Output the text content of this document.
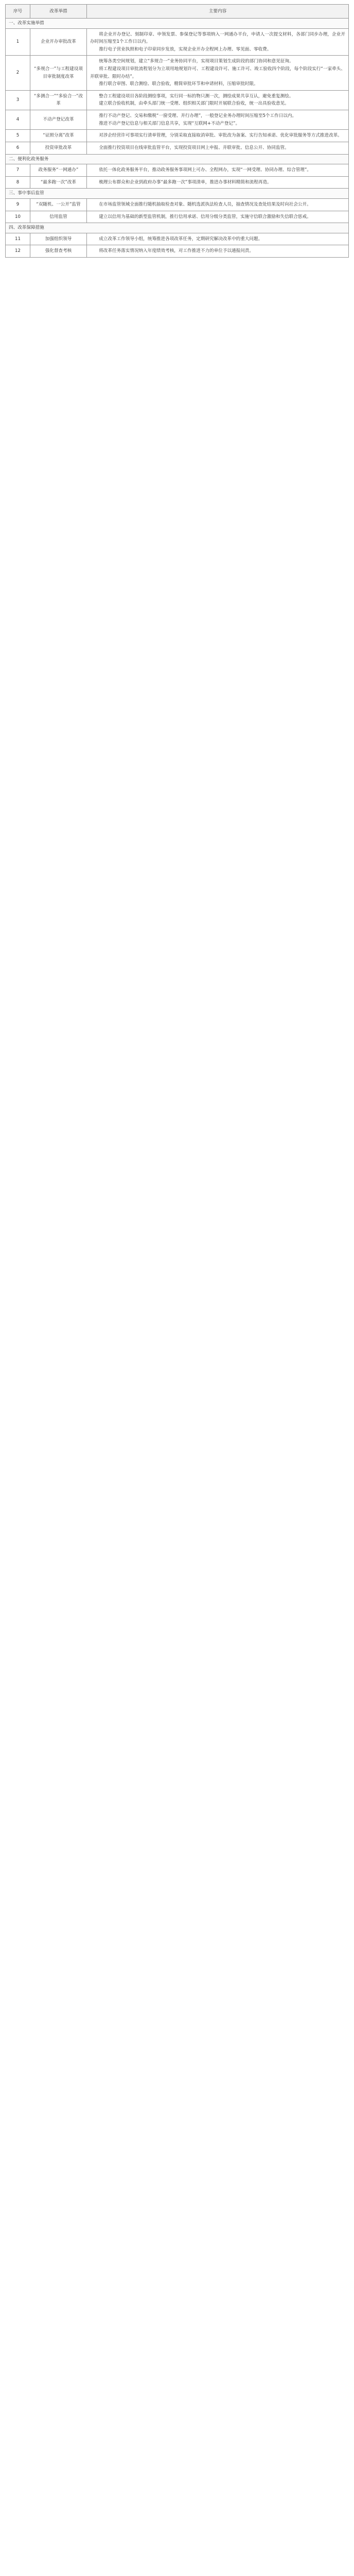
序号	改革举措	主要内容
一、改革实施举措		
1	企业开办审批改革	将企业开办登记、刻制印章、申领发票、参保登记等事项纳入一网通办平台，申请人一次提交材料，各部门同步办理，企业开办时间压缩至1个工作日以内。

推行电子营业执照和电子印章同步发放，实现企业开办全程网上办理、零见面、零收费。

2	“多规合一”与工程建设项目审批制度改革	统筹各类空间规划，建立“多规合一”业务协同平台，实现项目策划生成阶段的部门协同和意见征询。

将工程建设项目审批流程划分为立项用地规划许可、工程建设许可、施工许可、竣工验收四个阶段，每个阶段实行“一家牵头、并联审批、限时办结”。

推行联合审图、联合测绘、联合验收，精简审批环节和申请材料，压缩审批时限。

3	“多测合一”“多验合一”改革	整合工程建设项目各阶段测绘事项，实行同一标的物只测一次，测绘成果共享互认，避免重复测绘。

建立联合验收机制，由牵头部门统一受理、组织相关部门限时开展联合验收，统一出具验收意见。

4	不动产登记改革	推行不动产登记、交易和缴税“一窗受理、并行办理”，一般登记业务办理时间压缩至5个工作日以内。

推进不动产登记信息与相关部门信息共享，实现“互联网+不动产登记”。

5	“证照分离”改革	对涉企经营许可事项实行清单管理，分别采取直接取消审批、审批改为备案、实行告知承诺、优化审批服务等方式推进改革。

6	投资审批改革	全面推行投资项目在线审批监管平台，实现投资项目网上申报、并联审批、信息公开、协同监管。

二、便利化政务服务		
7	政务服务“一网通办”	依托一体化政务服务平台，推动政务服务事项网上可办、全程网办，实现“一网受理、协同办理、综合管理”。

8	“最多跑一次”改革	梳理公布群众和企业到政府办事“最多跑一次”事项清单，推进办事材料精简和流程再造。

三、事中事后监管		
9	“双随机、一公开”监管	在市场监管领域全面推行随机抽取检查对象、随机选派执法检查人员，抽查情况及查处结果及时向社会公开。

10	信用监管	建立以信用为基础的新型监管机制，推行信用承诺、信用分级分类监管，实施守信联合激励和失信联合惩戒。

四、改革保障措施		
11	加强组织领导	成立改革工作领导小组，统筹推进各项改革任务，定期研究解决改革中的重大问题。

12	强化督查考核	将改革任务落实情况纳入年度绩效考核，对工作推进不力的单位予以通报问责。
